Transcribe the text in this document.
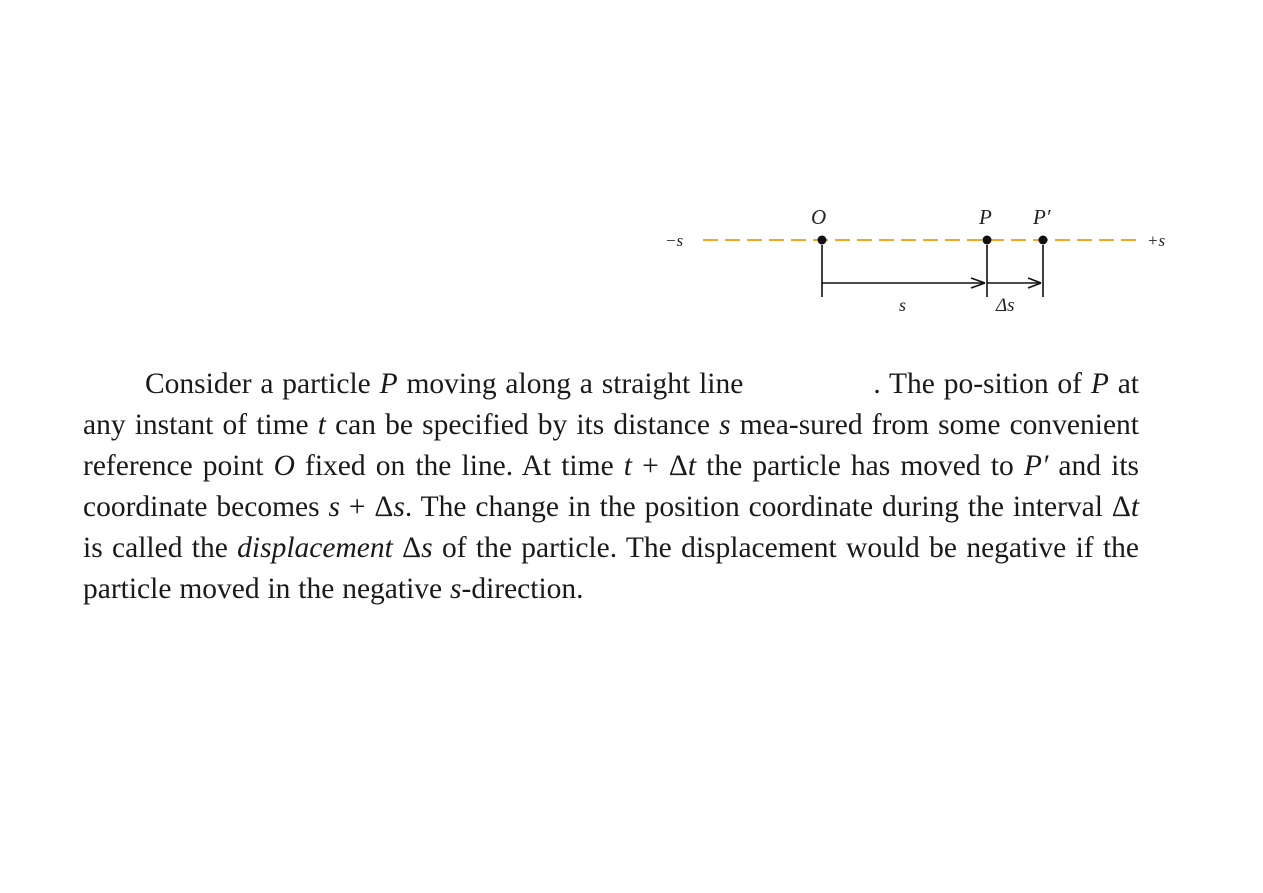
−s	+s
O	P P′
s	Δs

Consider a particle P moving along a straight line	. The po-sition of P at any instant of time t can be specified by its distance s mea-sured from some convenient reference point O fixed on the line. At time t + Δt the particle has moved to P′ and its coordinate becomes s + Δs. The change in the position coordinate during the interval Δt is called the displacement Δs of the particle. The displacement would be negative if the particle moved in the negative s-direction.
